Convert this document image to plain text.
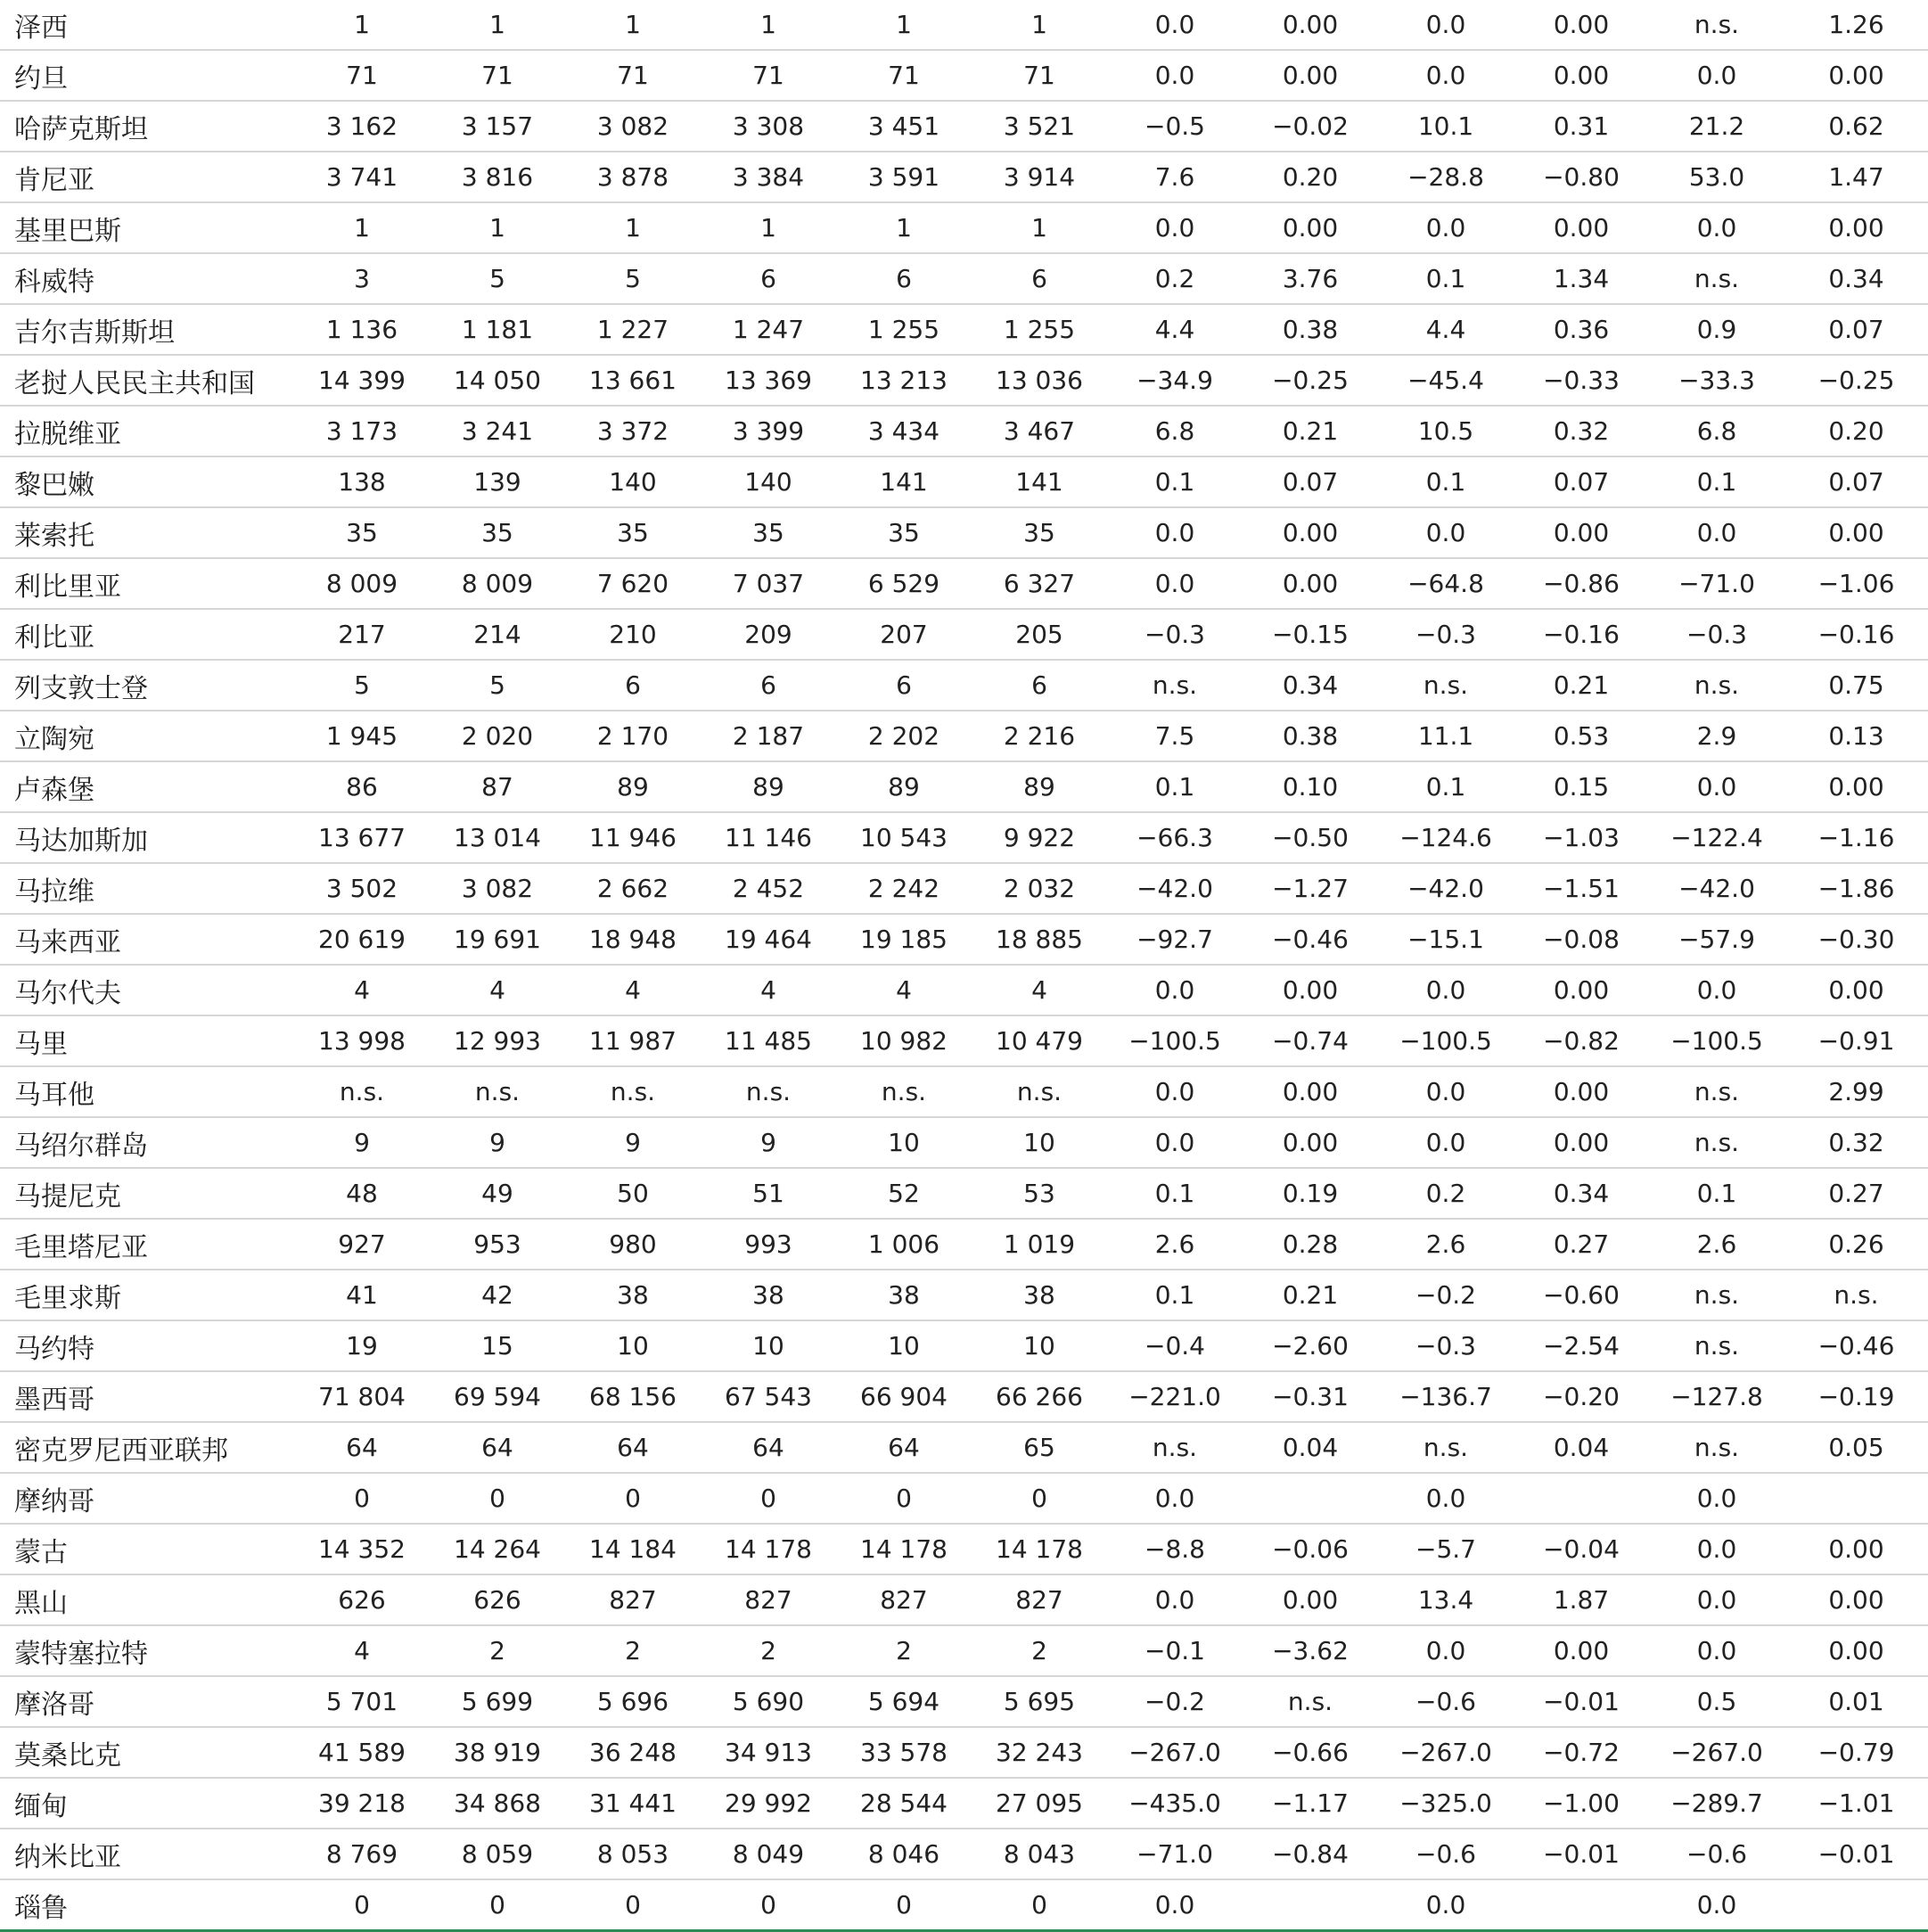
泽西	1	1	1	1	1	1	0.0	0.00	0.0	0.00	n.s.	1.26
约旦	71	71	71	71	71	71	0.0	0.00	0.0	0.00	0.0	0.00
哈萨克斯坦	3 162	3 157	3 082	3 308	3 451	3 521	−0.5	−0.02	10.1	0.31	21.2	0.62
肯尼亚	3 741	3 816	3 878	3 384	3 591	3 914	7.6	0.20	−28.8	−0.80	53.0	1.47
基里巴斯	1	1	1	1	1	1	0.0	0.00	0.0	0.00	0.0	0.00
科威特	3	5	5	6	6	6	0.2	3.76	0.1	1.34	n.s.	0.34
吉尔吉斯斯坦	1 136	1 181	1 227	1 247	1 255	1 255	4.4	0.38	4.4	0.36	0.9	0.07
老挝人民民主共和国	14 399	14 050	13 661	13 369	13 213	13 036	−34.9	−0.25	−45.4	−0.33	−33.3	−0.25
拉脱维亚	3 173	3 241	3 372	3 399	3 434	3 467	6.8	0.21	10.5	0.32	6.8	0.20
黎巴嫩	138	139	140	140	141	141	0.1	0.07	0.1	0.07	0.1	0.07
莱索托	35	35	35	35	35	35	0.0	0.00	0.0	0.00	0.0	0.00
利比里亚	8 009	8 009	7 620	7 037	6 529	6 327	0.0	0.00	−64.8	−0.86	−71.0	−1.06
利比亚	217	214	210	209	207	205	−0.3	−0.15	−0.3	−0.16	−0.3	−0.16
列支敦士登	5	5	6	6	6	6	n.s.	0.34	n.s.	0.21	n.s.	0.75
立陶宛	1 945	2 020	2 170	2 187	2 202	2 216	7.5	0.38	11.1	0.53	2.9	0.13
卢森堡	86	87	89	89	89	89	0.1	0.10	0.1	0.15	0.0	0.00
马达加斯加	13 677	13 014	11 946	11 146	10 543	9 922	−66.3	−0.50	−124.6	−1.03	−122.4	−1.16
马拉维	3 502	3 082	2 662	2 452	2 242	2 032	−42.0	−1.27	−42.0	−1.51	−42.0	−1.86
马来西亚	20 619	19 691	18 948	19 464	19 185	18 885	−92.7	−0.46	−15.1	−0.08	−57.9	−0.30
马尔代夫	4	4	4	4	4	4	0.0	0.00	0.0	0.00	0.0	0.00
马里	13 998	12 993	11 987	11 485	10 982	10 479	−100.5	−0.74	−100.5	−0.82	−100.5	−0.91
马耳他	n.s.	n.s.	n.s.	n.s.	n.s.	n.s.	0.0	0.00	0.0	0.00	n.s.	2.99
马绍尔群岛	9	9	9	9	10	10	0.0	0.00	0.0	0.00	n.s.	0.32
马提尼克	48	49	50	51	52	53	0.1	0.19	0.2	0.34	0.1	0.27
毛里塔尼亚	927	953	980	993	1 006	1 019	2.6	0.28	2.6	0.27	2.6	0.26
毛里求斯	41	42	38	38	38	38	0.1	0.21	−0.2	−0.60	n.s.	n.s.
马约特	19	15	10	10	10	10	−0.4	−2.60	−0.3	−2.54	n.s.	−0.46
墨西哥	71 804	69 594	68 156	67 543	66 904	66 266	−221.0	−0.31	−136.7	−0.20	−127.8	−0.19
密克罗尼西亚联邦	64	64	64	64	64	65	n.s.	0.04	n.s.	0.04	n.s.	0.05
摩纳哥	0	0	0	0	0	0	0.0		0.0		0.0	
蒙古	14 352	14 264	14 184	14 178	14 178	14 178	−8.8	−0.06	−5.7	−0.04	0.0	0.00
黑山	626	626	827	827	827	827	0.0	0.00	13.4	1.87	0.0	0.00
蒙特塞拉特	4	2	2	2	2	2	−0.1	−3.62	0.0	0.00	0.0	0.00
摩洛哥	5 701	5 699	5 696	5 690	5 694	5 695	−0.2	n.s.	−0.6	−0.01	0.5	0.01
莫桑比克	41 589	38 919	36 248	34 913	33 578	32 243	−267.0	−0.66	−267.0	−0.72	−267.0	−0.79
缅甸	39 218	34 868	31 441	29 992	28 544	27 095	−435.0	−1.17	−325.0	−1.00	−289.7	−1.01
纳米比亚	8 769	8 059	8 053	8 049	8 046	8 043	−71.0	−0.84	−0.6	−0.01	−0.6	−0.01
瑙鲁	0	0	0	0	0	0	0.0		0.0		0.0	
